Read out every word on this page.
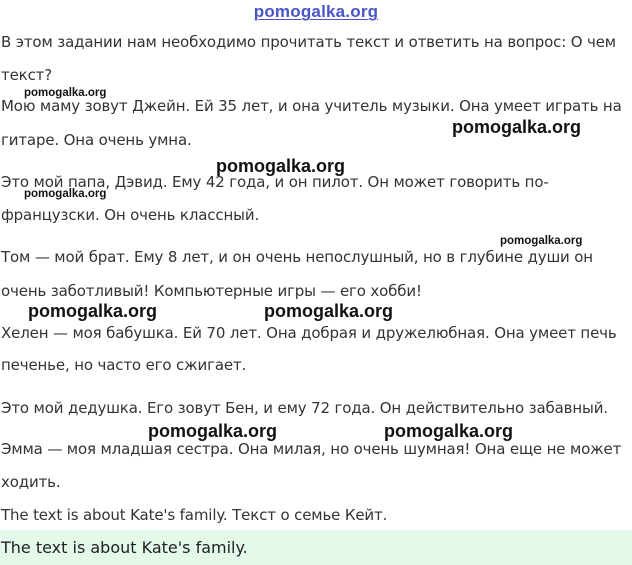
pomogalka.org
В этом задании нам необходимо прочитать текст и ответить на вопрос: О чем
текст?
Мою маму зовут Джейн. Ей 35 лет, и она учитель музыки. Она умеет играть на
гитаре. Она очень умна.
Это мой папа, Дэвид. Ему 42 года, и он пилот. Он может говорить по-
французски. Он очень классный.
Том — мой брат. Ему 8 лет, и он очень непослушный, но в глубине души он
очень заботливый! Компьютерные игры — его хобби!
Хелен — моя бабушка. Ей 70 лет. Она добрая и дружелюбная. Она умеет печь
печенье, но часто его сжигает.
Это мой дедушка. Его зовут Бен, и ему 72 года. Он действительно забавный.
Эмма — моя младшая сестра. Она милая, но очень шумная! Она еще не может
ходить.
The text is about Kate's family. Текст о семье Кейт.
The text is about Kate's family.
pomogalka.org
pomogalka.org
pomogalka.org
pomogalka.org
pomogalka.org
pomogalka.org	pomogalka.org
pomogalka.org	pomogalka.org
